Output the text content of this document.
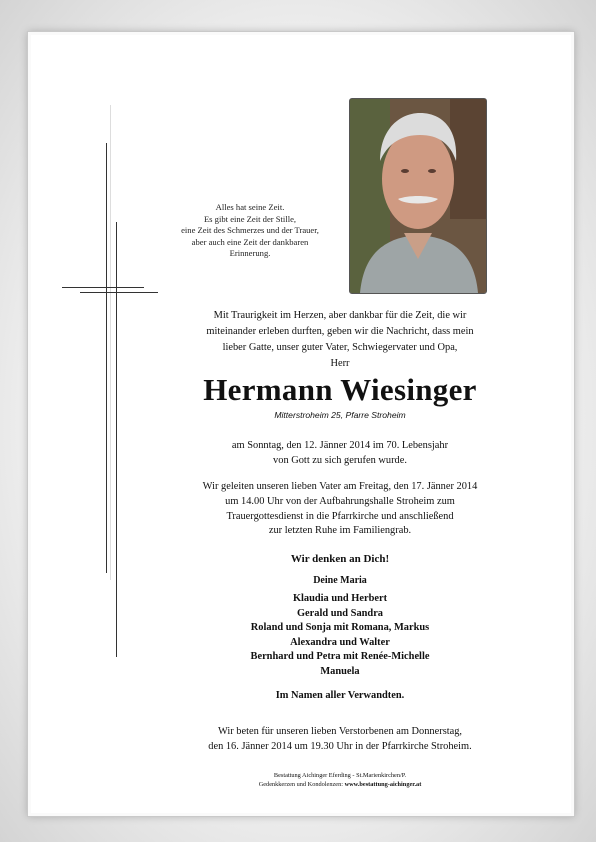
Alles hat seine Zeit.
Es gibt eine Zeit der Stille,
eine Zeit des Schmerzes und der Trauer,
aber auch eine Zeit der dankbaren
Erinnerung.
Mit Traurigkeit im Herzen, aber dankbar für die Zeit, die wir
miteinander erleben durften, geben wir die Nachricht, dass mein
lieber Gatte, unser guter Vater, Schwiegervater und Opa,
Herr
Hermann Wiesinger
Mitterstroheim 25, Pfarre Stroheim
am Sonntag, den 12. Jänner 2014 im 70. Lebensjahr
von Gott zu sich gerufen wurde.
Wir geleiten unseren lieben Vater am Freitag, den 17. Jänner 2014
um 14.00 Uhr von der Aufbahrungshalle Stroheim zum
Trauergottesdienst in die Pfarrkirche und anschließend
zur letzten Ruhe im Familiengrab.
Wir denken an Dich!
Deine Maria
Klaudia und Herbert
Gerald und Sandra
Roland und Sonja mit Romana, Markus
Alexandra und Walter
Bernhard und Petra mit Renée-Michelle
Manuela
Im Namen aller Verwandten.
Wir beten für unseren lieben Verstorbenen am Donnerstag,
den 16. Jänner 2014 um 19.30 Uhr in der Pfarrkirche Stroheim.
Bestattung Aichinger Eferding - St.Marienkirchen/P.
Gedenkkerzen und Kondolenzen: www.bestattung-aichinger.at
